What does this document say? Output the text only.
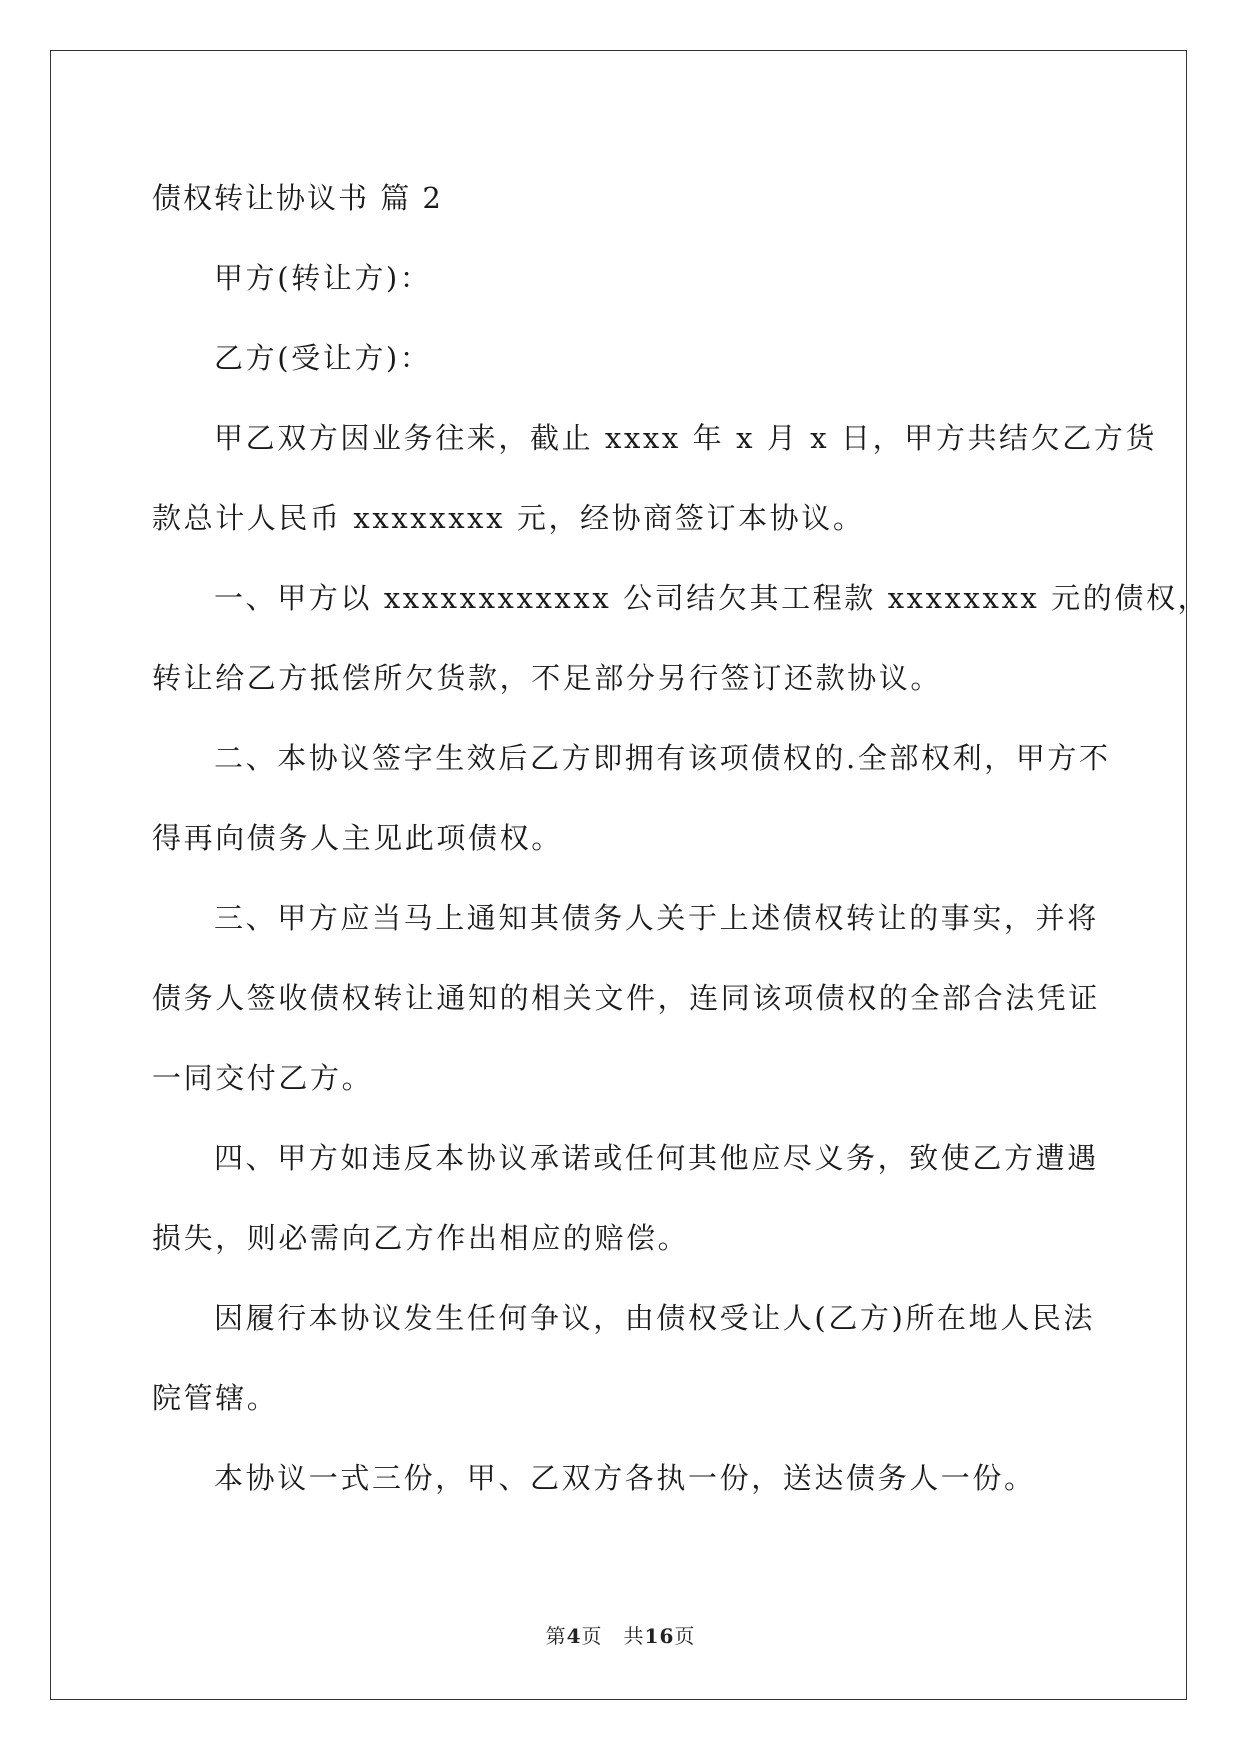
债权转让协议书 篇 2
甲方(转让方)：
乙方(受让方)：
甲乙双方因业务往来，截止 xxxx 年 x 月 x 日，甲方共结欠乙方货
款总计人民币 xxxxxxxx 元，经协商签订本协议。
一、甲方以 xxxxxxxxxxxx 公司结欠其工程款 xxxxxxxx 元的债权，
转让给乙方抵偿所欠货款，不足部分另行签订还款协议。
二、本协议签字生效后乙方即拥有该项债权的.全部权利，甲方不
得再向债务人主见此项债权。
三、甲方应当马上通知其债务人关于上述债权转让的事实，并将
债务人签收债权转让通知的相关文件，连同该项债权的全部合法凭证
一同交付乙方。
四、甲方如违反本协议承诺或任何其他应尽义务，致使乙方遭遇
损失，则必需向乙方作出相应的赔偿。
因履行本协议发生任何争议，由债权受让人(乙方)所在地人民法
院管辖。
本协议一式三份，甲、乙双方各执一份，送达债务人一份。
第4页　共16页
